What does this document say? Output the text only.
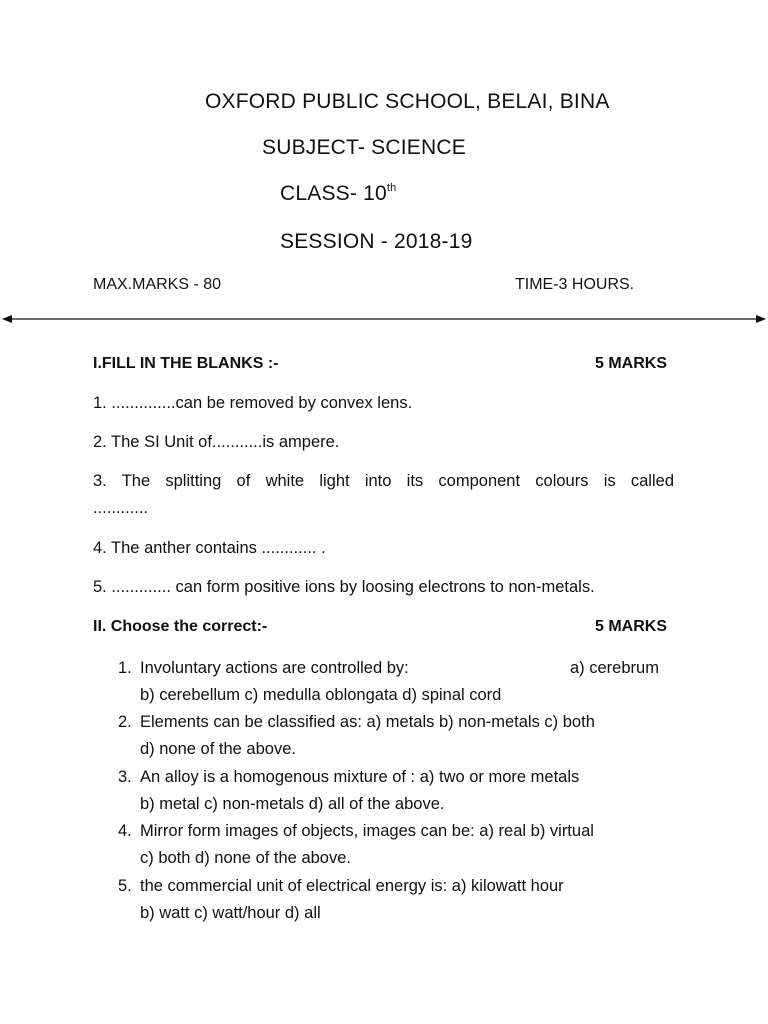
OXFORD PUBLIC SCHOOL, BELAI, BINA
SUBJECT- SCIENCE
CLASS- 10th
SESSION - 2018-19
MAX.MARKS - 80	TIME-3 HOURS.
I.FILL IN THE BLANKS :-	5 MARKS
1. ..............can be removed by convex lens.
2. The SI Unit of...........is ampere.
3. The splitting of white light into its component colours is called
............
4. The anther contains ............ .
5. ............. can form positive ions by loosing electrons to non-metals.
II. Choose the correct:-	5 MARKS
1. Involuntary actions are controlled by:	a) cerebrum

b) cerebellum c) medulla oblongata d) spinal cord
2. Elements can be classified as: a) metals b) non-metals c) both
d) none of the above.
3. An alloy is a homogenous mixture of : a) two or more metals
b) metal c) non-metals d) all of the above.
4. Mirror form images of objects, images can be: a) real b) virtual
c) both d) none of the above.
5. the commercial unit of electrical energy is: a) kilowatt hour
b) watt c) watt/hour d) all
